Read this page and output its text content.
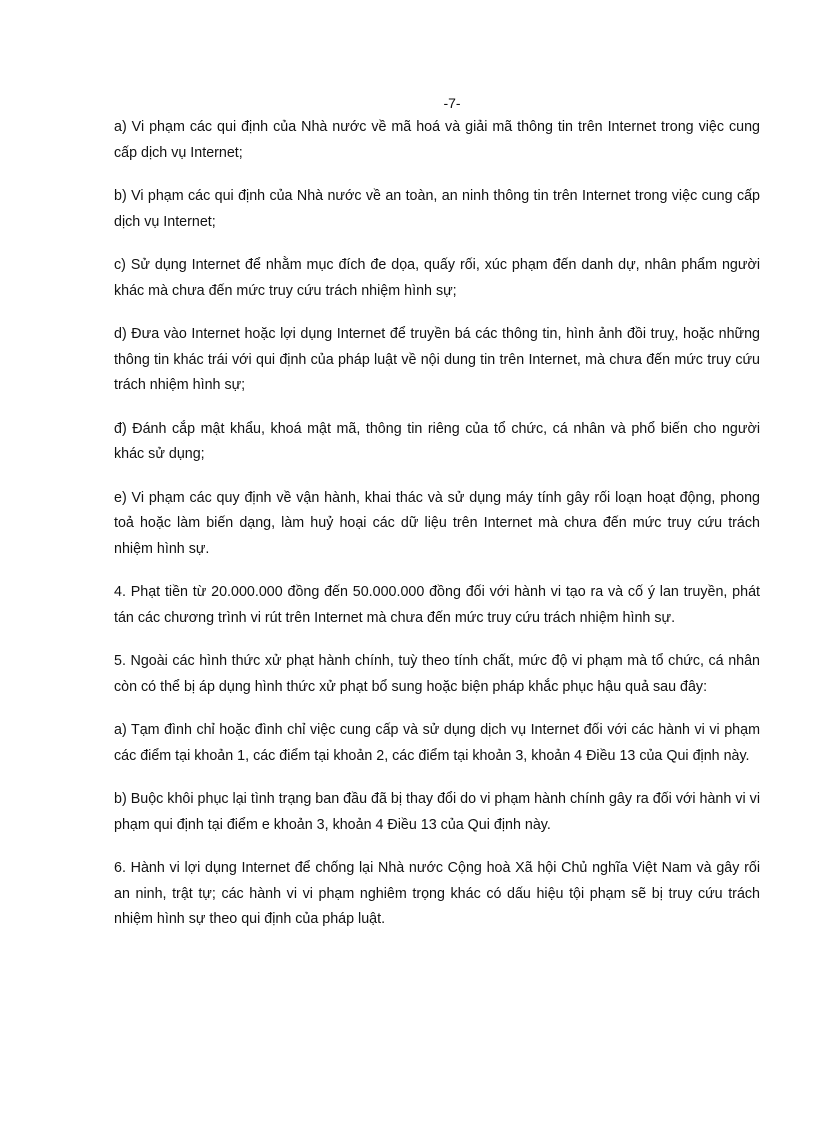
-7-

a) Vi phạm các qui định của Nhà nước về mã hoá và giải mã thông tin trên Internet trong việc cung cấp dịch vụ Internet;

b) Vi phạm các qui định của Nhà nước về an toàn, an ninh thông tin trên Internet trong việc cung cấp dịch vụ Internet;

c) Sử dụng Internet để nhằm mục đích đe dọa, quấy rối, xúc phạm đến danh dự, nhân phẩm người khác mà chưa đến mức truy cứu trách nhiệm hình sự;

d) Đưa vào Internet hoặc lợi dụng Internet để truyền bá các thông tin, hình ảnh đồi truỵ, hoặc những thông tin khác trái với qui định của pháp luật về nội dung tin trên Internet, mà chưa đến mức truy cứu trách nhiệm hình sự;

đ) Đánh cắp mật khẩu, khoá mật mã, thông tin riêng của tổ chức, cá nhân và phổ biến cho người khác sử dụng;

e) Vi phạm các quy định về vận hành, khai thác và sử dụng máy tính gây rối loạn hoạt động, phong toả hoặc làm biến dạng, làm huỷ hoại các dữ liệu trên Internet mà chưa đến mức truy cứu trách nhiệm hình sự.

4. Phạt tiền từ 20.000.000 đồng đến 50.000.000 đồng đối với hành vi tạo ra và cố ý lan truyền, phát tán các chương trình vi rút trên Internet mà chưa đến mức truy cứu trách nhiệm hình sự.

5. Ngoài các hình thức xử phạt hành chính, tuỳ theo tính chất, mức độ vi phạm mà tổ chức, cá nhân còn có thể bị áp dụng hình thức xử phạt bổ sung hoặc biện pháp khắc phục hậu quả sau đây:

a) Tạm đình chỉ hoặc đình chỉ việc cung cấp và sử dụng dịch vụ Internet đối với các hành vi vi phạm các điểm tại khoản 1, các điểm tại khoản 2, các điểm tại khoản 3, khoản 4 Điều 13 của Qui định này.

b) Buộc khôi phục lại tình trạng ban đầu đã bị thay đổi do vi phạm hành chính gây ra đối với hành vi vi phạm qui định tại điểm e khoản 3, khoản 4 Điều 13 của Qui định này.

6. Hành vi lợi dụng Internet để chống lại Nhà nước Cộng hoà Xã hội Chủ nghĩa Việt Nam và gây rối an ninh, trật tự; các hành vi vi phạm nghiêm trọng khác có dấu hiệu tội phạm sẽ bị truy cứu trách nhiệm hình sự theo qui định của pháp luật.
